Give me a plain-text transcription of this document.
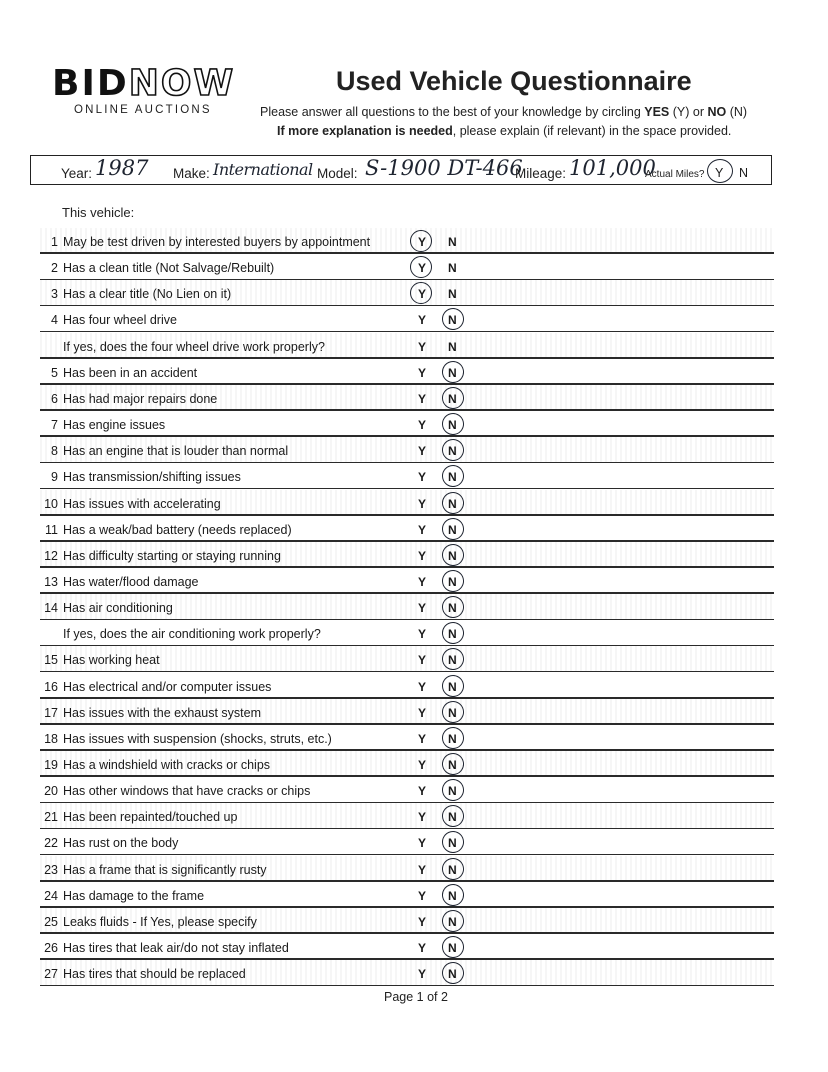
BIDNOW
ONLINE AUCTIONS
Used Vehicle Questionnaire
Please answer all questions to the best of your knowledge by circling YES (Y) or NO (N)
If more explanation is needed, please explain (if relevant) in the space provided.
Year: 1987 Make: International Model: S-1900 DT-466
Mileage: 101,000
Actual Miles? Y N
This vehicle:
1 May be test driven by interested buyers by appointment	Y N
2 Has a clean title (Not Salvage/Rebuilt)	Y N
3 Has a clear title (No Lien on it)	Y N
4 Has four wheel drive	Y N
If yes, does the four wheel drive work properly?	Y N
5 Has been in an accident	Y N
6 Has had major repairs done	Y N
7 Has engine issues	Y N
8 Has an engine that is louder than normal	Y N
9 Has transmission/shifting issues	Y N
10 Has issues with accelerating	Y N
11 Has a weak/bad battery (needs replaced)	Y N
12 Has difficulty starting or staying running	Y N
13 Has water/flood damage	Y N
14 Has air conditioning	Y N
If yes, does the air conditioning work properly?	Y N
15 Has working heat	Y N
16 Has electrical and/or computer issues	Y N
17 Has issues with the exhaust system	Y N
18 Has issues with suspension (shocks, struts, etc.)	Y N
19 Has a windshield with cracks or chips	Y N
20 Has other windows that have cracks or chips	Y N
21 Has been repainted/touched up	Y N
22 Has rust on the body	Y N
23 Has a frame that is significantly rusty	Y N
24 Has damage to the frame	Y N
25 Leaks fluids - If Yes, please specify	Y N
26 Has tires that leak air/do not stay inflated	Y N
27 Has tires that should be replaced	Y N
Page 1 of 2
